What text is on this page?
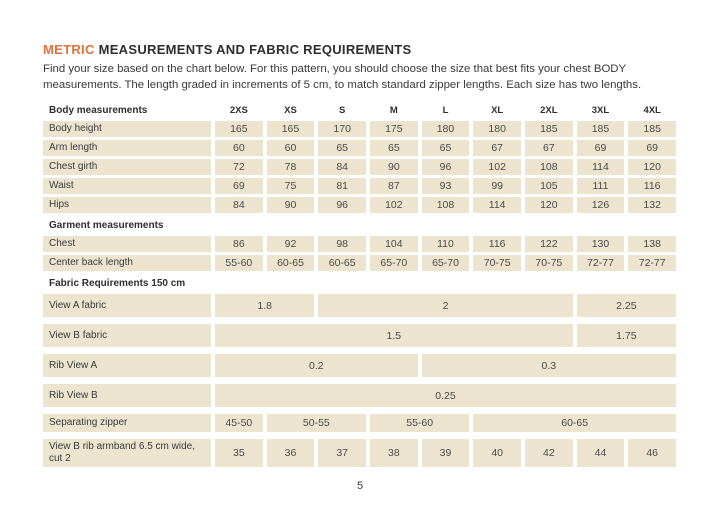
METRIC MEASUREMENTS AND FABRIC REQUIREMENTS
Find your size based on the chart below. For this pattern, you should choose the size that best fits your chest BODY
measurements. The length graded in increments of 5 cm, to match standard zipper lengths. Each size has two lengths.
Body measurements	2XS	XS	S	M	L	XL	2XL	3XL	4XL
Body height	165	165	170	175	180	180	185	185	185
Arm length	60	60	65	65	65	67	67	69	69
Chest girth	72	78	84	90	96	102	108	114	120
Waist	69	75	81	87	93	99	105	111	116
Hips	84	90	96	102	108	114	120	126	132
Garment measurements
Chest	86	92	98	104	110	116	122	130	138
Center back length	55-60	60-65	60-65	65-70	65-70	70-75	70-75	72-77	72-77
Fabric Requirements 150 cm
View A fabric	1.8	2	2.25
View B fabric	1.5	1.75
Rib View A	0.2	0.3
Rib View B	0.25
Separating zipper	45-50	50-55	55-60	60-65
View B rib armband 6.5 cm wide, cut 2	35	36	37	38	39	40	42	44	46
5
